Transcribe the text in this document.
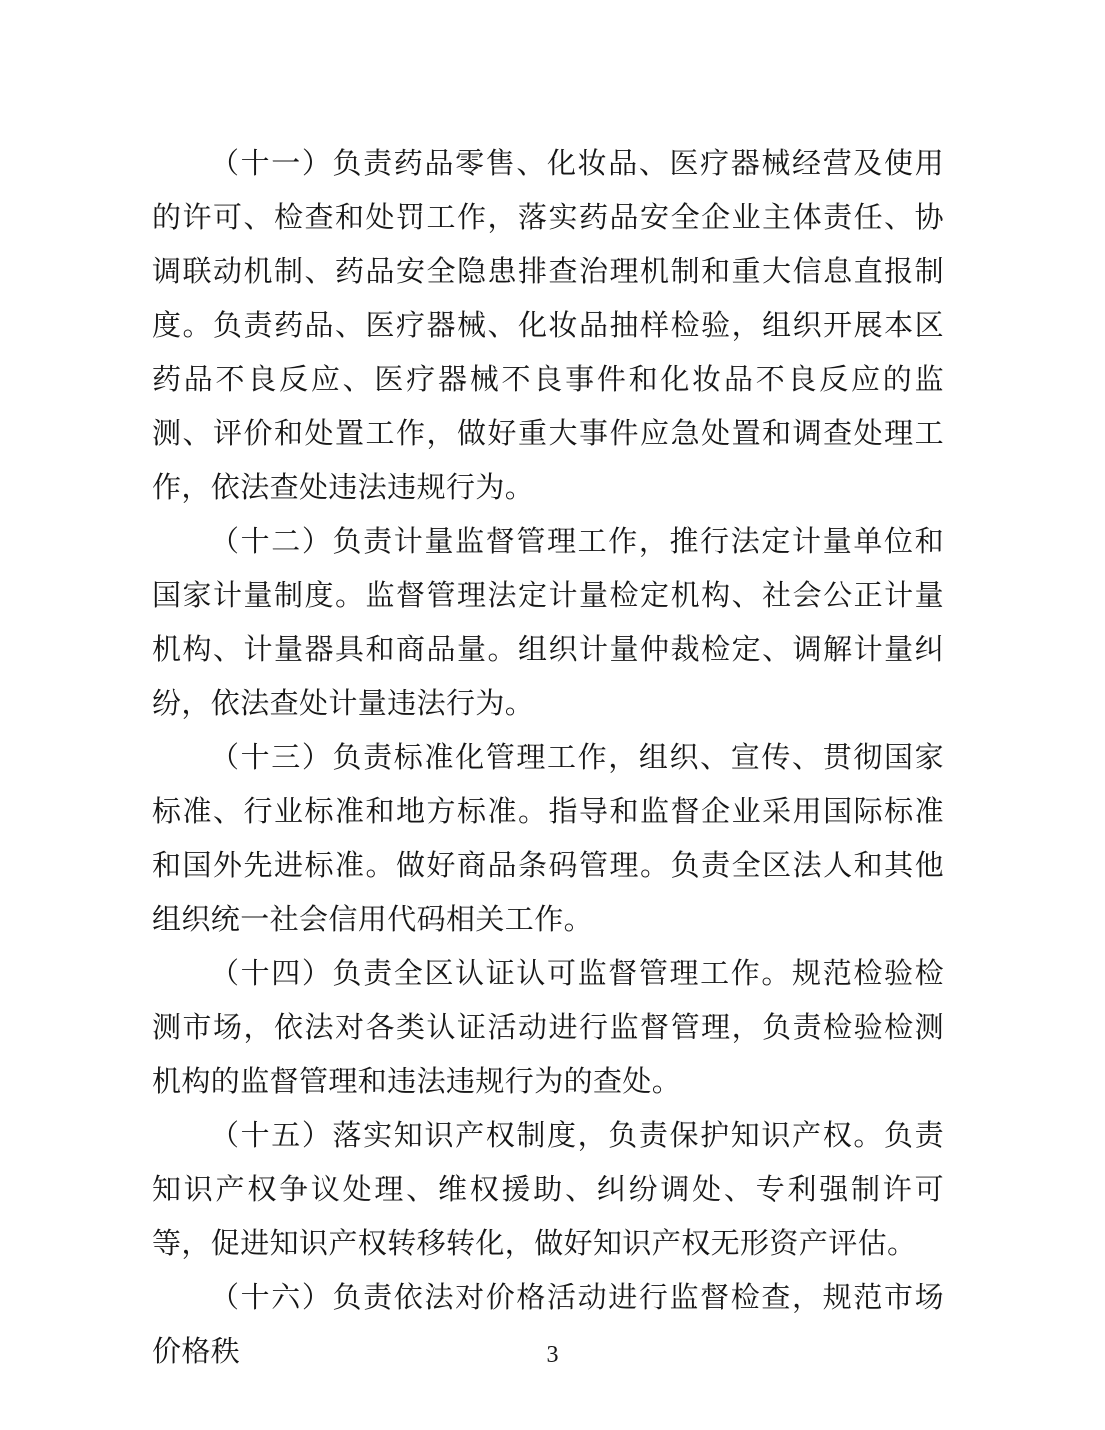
（十一）负责药品零售、化妆品、医疗器械经营及使用的许可、检查和处罚工作，落实药品安全企业主体责任、协调联动机制、药品安全隐患排查治理机制和重大信息直报制度。负责药品、医疗器械、化妆品抽样检验，组织开展本区药品不良反应、医疗器械不良事件和化妆品不良反应的监测、评价和处置工作，做好重大事件应急处置和调查处理工作，依法查处违法违规行为。

（十二）负责计量监督管理工作，推行法定计量单位和国家计量制度。监督管理法定计量检定机构、社会公正计量机构、计量器具和商品量。组织计量仲裁检定、调解计量纠纷，依法查处计量违法行为。

（十三）负责标准化管理工作，组织、宣传、贯彻国家标准、行业标准和地方标准。指导和监督企业采用国际标准和国外先进标准。做好商品条码管理。负责全区法人和其他组织统一社会信用代码相关工作。

（十四）负责全区认证认可监督管理工作。规范检验检测市场，依法对各类认证活动进行监督管理，负责检验检测机构的监督管理和违法违规行为的查处。

（十五）落实知识产权制度，负责保护知识产权。负责知识产权争议处理、维权援助、纠纷调处、专利强制许可等，促进知识产权转移转化，做好知识产权无形资产评估。

（十六）负责依法对价格活动进行监督检查，规范市场价格秩	3
